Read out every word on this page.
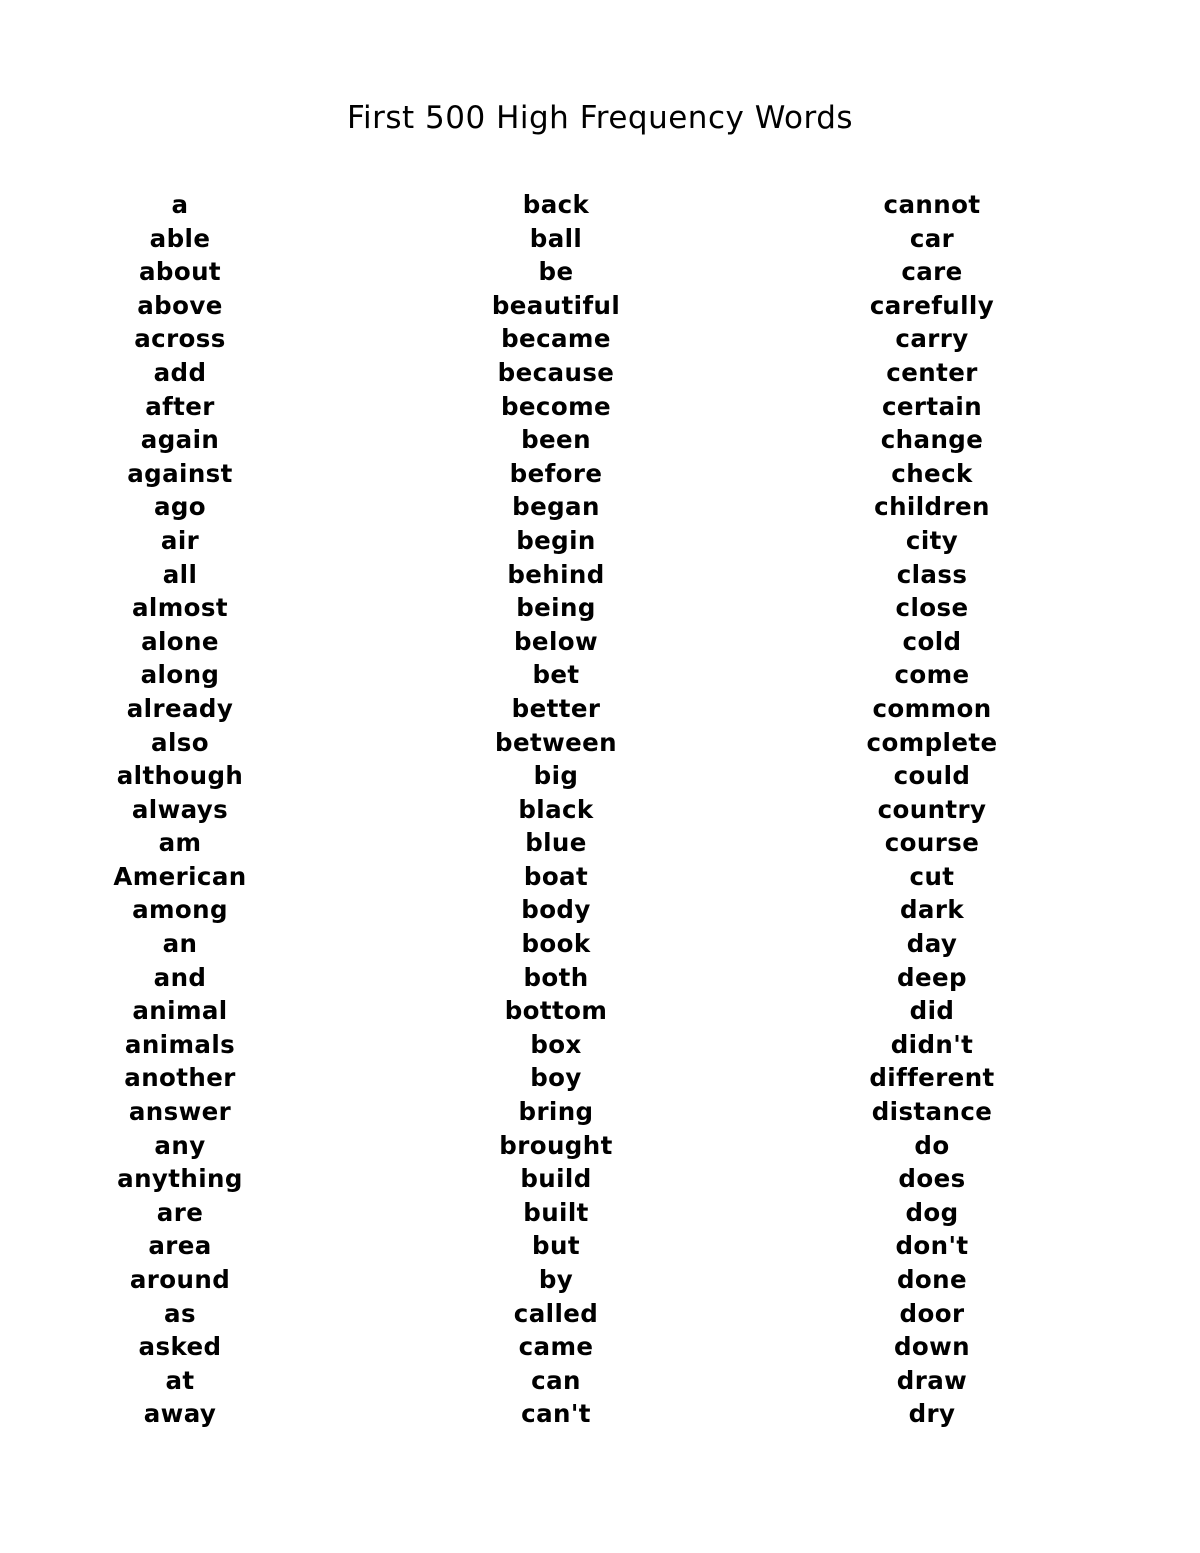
First 500 High Frequency Words
a
able
about
above
across
add
after
again
against
ago
air
all
almost
alone
along
already
also
although
always
am
American
among
an
and
animal
animals
another
answer
any
anything
are
area
around
as
asked
at
away
back
ball
be
beautiful
became
because
become
been
before
began
begin
behind
being
below
bet
better
between
big
black
blue
boat
body
book
both
bottom
box
boy
bring
brought
build
built
but
by
called
came
can
can't
cannot
car
care
carefully
carry
center
certain
change
check
children
city
class
close
cold
come
common
complete
could
country
course
cut
dark
day
deep
did
didn't
different
distance
do
does
dog
don't
done
door
down
draw
dry
